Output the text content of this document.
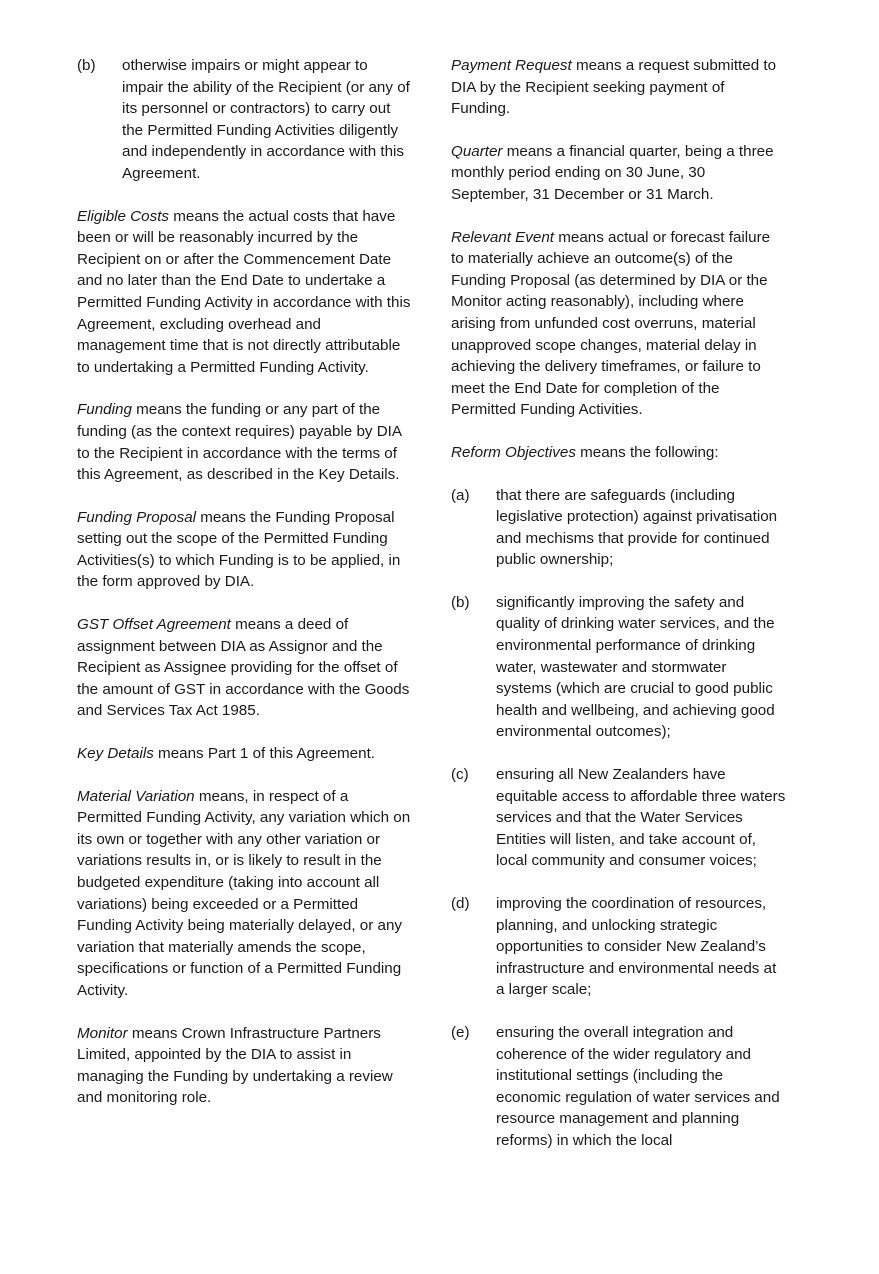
(b) otherwise impairs or might appear to impair the ability of the Recipient (or any of its personnel or contractors) to carry out the Permitted Funding Activities diligently and independently in accordance with this Agreement.

Eligible Costs means the actual costs that have been or will be reasonably incurred by the Recipient on or after the Commencement Date and no later than the End Date to undertake a Permitted Funding Activity in accordance with this Agreement, excluding overhead and management time that is not directly attributable to undertaking a Permitted Funding Activity.

Funding means the funding or any part of the funding (as the context requires) payable by DIA to the Recipient in accordance with the terms of this Agreement, as described in the Key Details.

Funding Proposal means the Funding Proposal setting out the scope of the Permitted Funding Activities(s) to which Funding is to be applied, in the form approved by DIA.

GST Offset Agreement means a deed of assignment between DIA as Assignor and the Recipient as Assignee providing for the offset of the amount of GST in accordance with the Goods and Services Tax Act 1985.

Key Details means Part 1 of this Agreement.

Material Variation means, in respect of a Permitted Funding Activity, any variation which on its own or together with any other variation or variations results in, or is likely to result in the budgeted expenditure (taking into account all variations) being exceeded or a Permitted Funding Activity being materially delayed, or any variation that materially amends the scope, specifications or function of a Permitted Funding Activity.

Monitor means Crown Infrastructure Partners Limited, appointed by the DIA to assist in managing the Funding by undertaking a review and monitoring role.

Payment Request means a request submitted to DIA by the Recipient seeking payment of Funding.

Quarter means a financial quarter, being a three monthly period ending on 30 June, 30 September, 31 December or 31 March.

Relevant Event means actual or forecast failure to materially achieve an outcome(s) of the Funding Proposal (as determined by DIA or the Monitor acting reasonably), including where arising from unfunded cost overruns, material unapproved scope changes, material delay in achieving the delivery timeframes, or failure to meet the End Date for completion of the Permitted Funding Activities.

Reform Objectives means the following:

(a) that there are safeguards (including legislative protection) against privatisation and mechisms that provide for continued public ownership;
(b) significantly improving the safety and quality of drinking water services, and the environmental performance of drinking water, wastewater and stormwater systems (which are crucial to good public health and wellbeing, and achieving good environmental outcomes);
(c) ensuring all New Zealanders have equitable access to affordable three waters services and that the Water Services Entities will listen, and take account of, local community and consumer voices;
(d) improving the coordination of resources, planning, and unlocking strategic opportunities to consider New Zealand’s infrastructure and environmental needs at a larger scale;
(e) ensuring the overall integration and coherence of the wider regulatory and institutional settings (including the economic regulation of water services and resource management and planning reforms) in which the local
